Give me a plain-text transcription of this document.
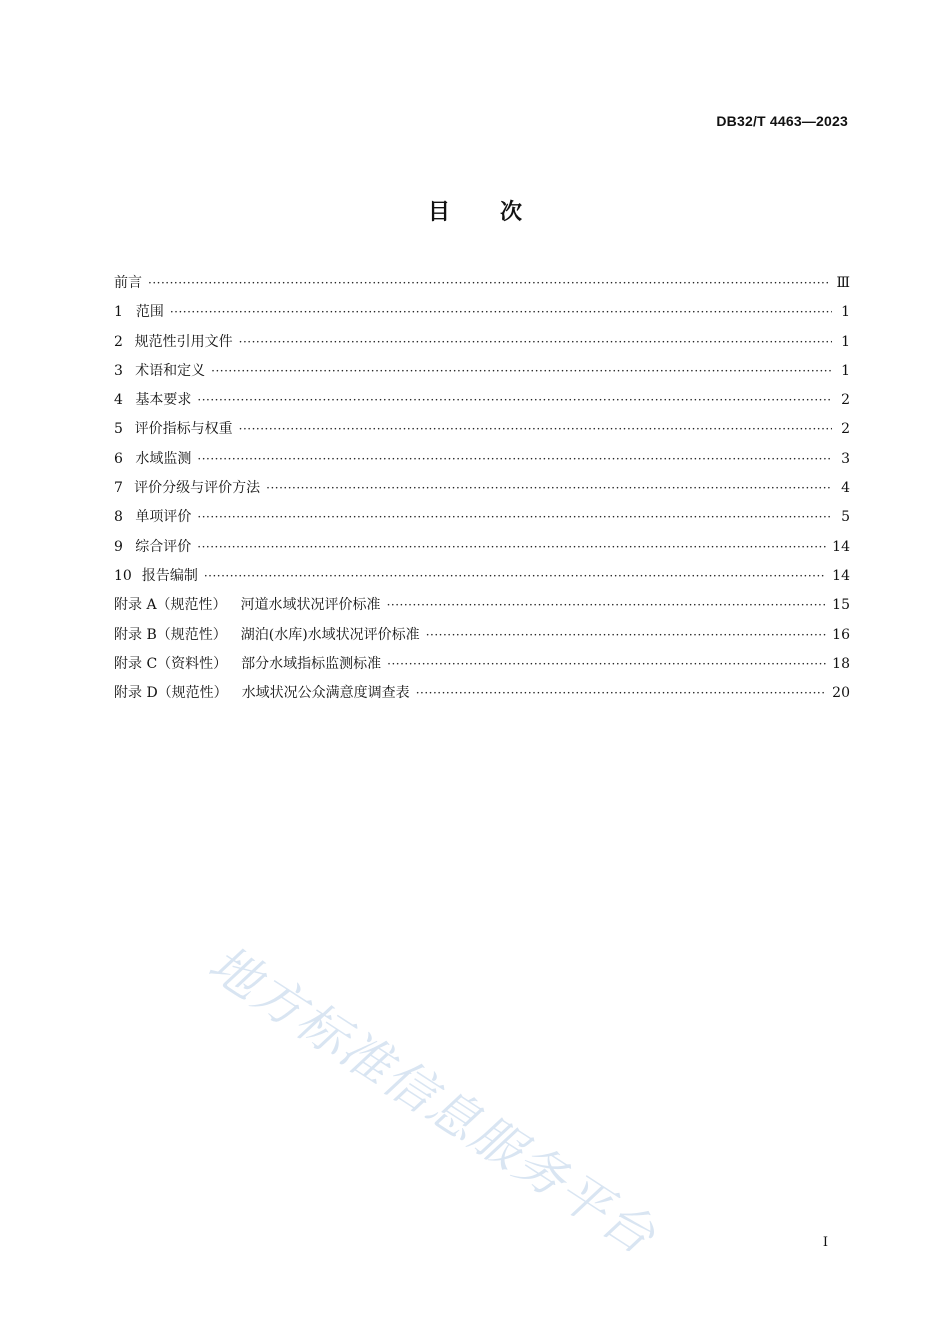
DB32/T 4463—2023
目次
前言 ·····	Ⅲ
1 范围 ·····	1
2 规范性引用文件 ·····	1
3 术语和定义 ·····	1
4 基本要求 ·····	2
5 评价指标与权重 ·····	2
6 水域监测 ·····	3
7 评价分级与评价方法 ·····	4
8 单项评价 ·····	5
9 综合评价 ·····	14
10 报告编制 ·····	14
附录 A（规范性） 河道水域状况评价标准 ·····	15
附录 B（规范性） 湖泊(水库)水域状况评价标准 ·····	16
附录 C（资料性） 部分水域指标监测标准 ·····	18
附录 D（规范性） 水域状况公众满意度调查表 ·····	20
地方标准信息服务平台	I
